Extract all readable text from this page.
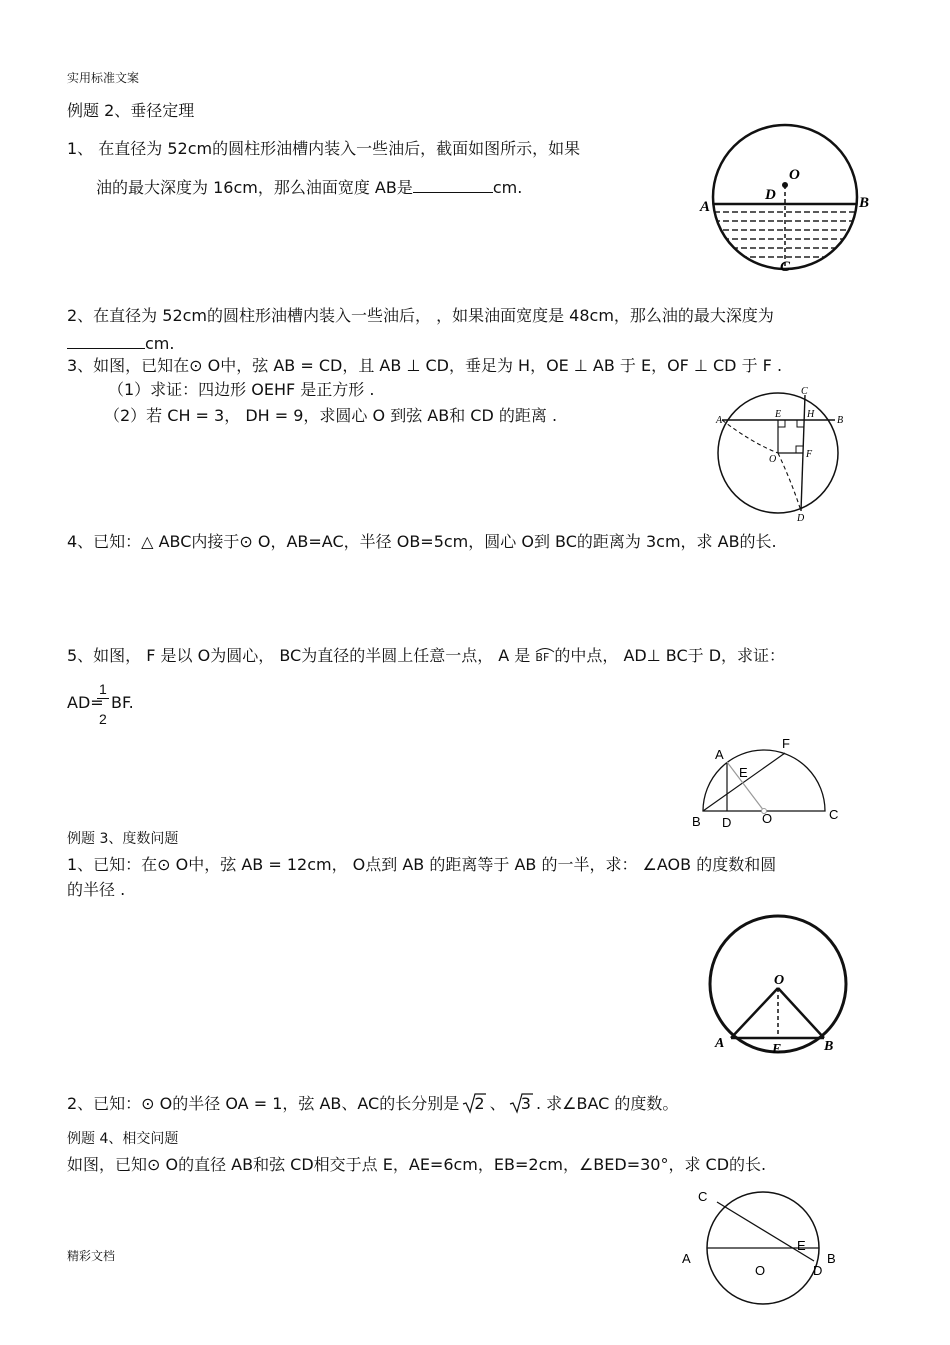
实用标准文案
精彩文档
例题 2、垂径定理
1、 在直径为 52cm的圆柱形油槽内装入一些油后，截面如图所示，如果
油的最大深度为 16cm，那么油面宽度 AB是	cm.
2、在直径为 52cm的圆柱形油槽内装入一些油后， ，如果油面宽度是 48cm，那么油的最大深度为
cm.
3、如图，已知在⊙ O中，弦 AB = CD，且 AB ⊥ CD，垂足为 H，OE ⊥ AB 于 E，OF ⊥ CD 于 F .
（1）求证：四边形 OEHF 是正方形 .
（2）若 CH = 3， DH = 9，求圆心 O 到弦 AB和 CD 的距离 .
4、已知：△ ABC内接于⊙ O，AB=AC，半径 OB=5cm，圆心 O到 BC的距离为 3cm，求 AB的长.
5、如图， F 是以 O为圆心， BC为直径的半圆上任意一点， A 是 BF 的中点， AD⊥ BC于 D，求证：
AD=
1
2
BF.
例题 3、度数问题
1、已知：在⊙ O中，弦 AB = 12cm， O点到 AB 的距离等于 AB 的一半，求： ∠AOB 的度数和圆
的半径 .
2、已知：⊙ O的半径 OA = 1，弦 AB、AC的长分别是 2 、 3 . 求∠BAC 的度数。
例题 4、相交问题
如图，已知⊙ O的直径 AB和弦 CD相交于点 E，AE=6cm，EB=2cm，∠BED=30°，求 CD的长.
O
D
A	B
C
A	B
C
D
E	H
F
O
A
F
E
B D O	C
O
A	E	B
C
E
A	B
O	D
